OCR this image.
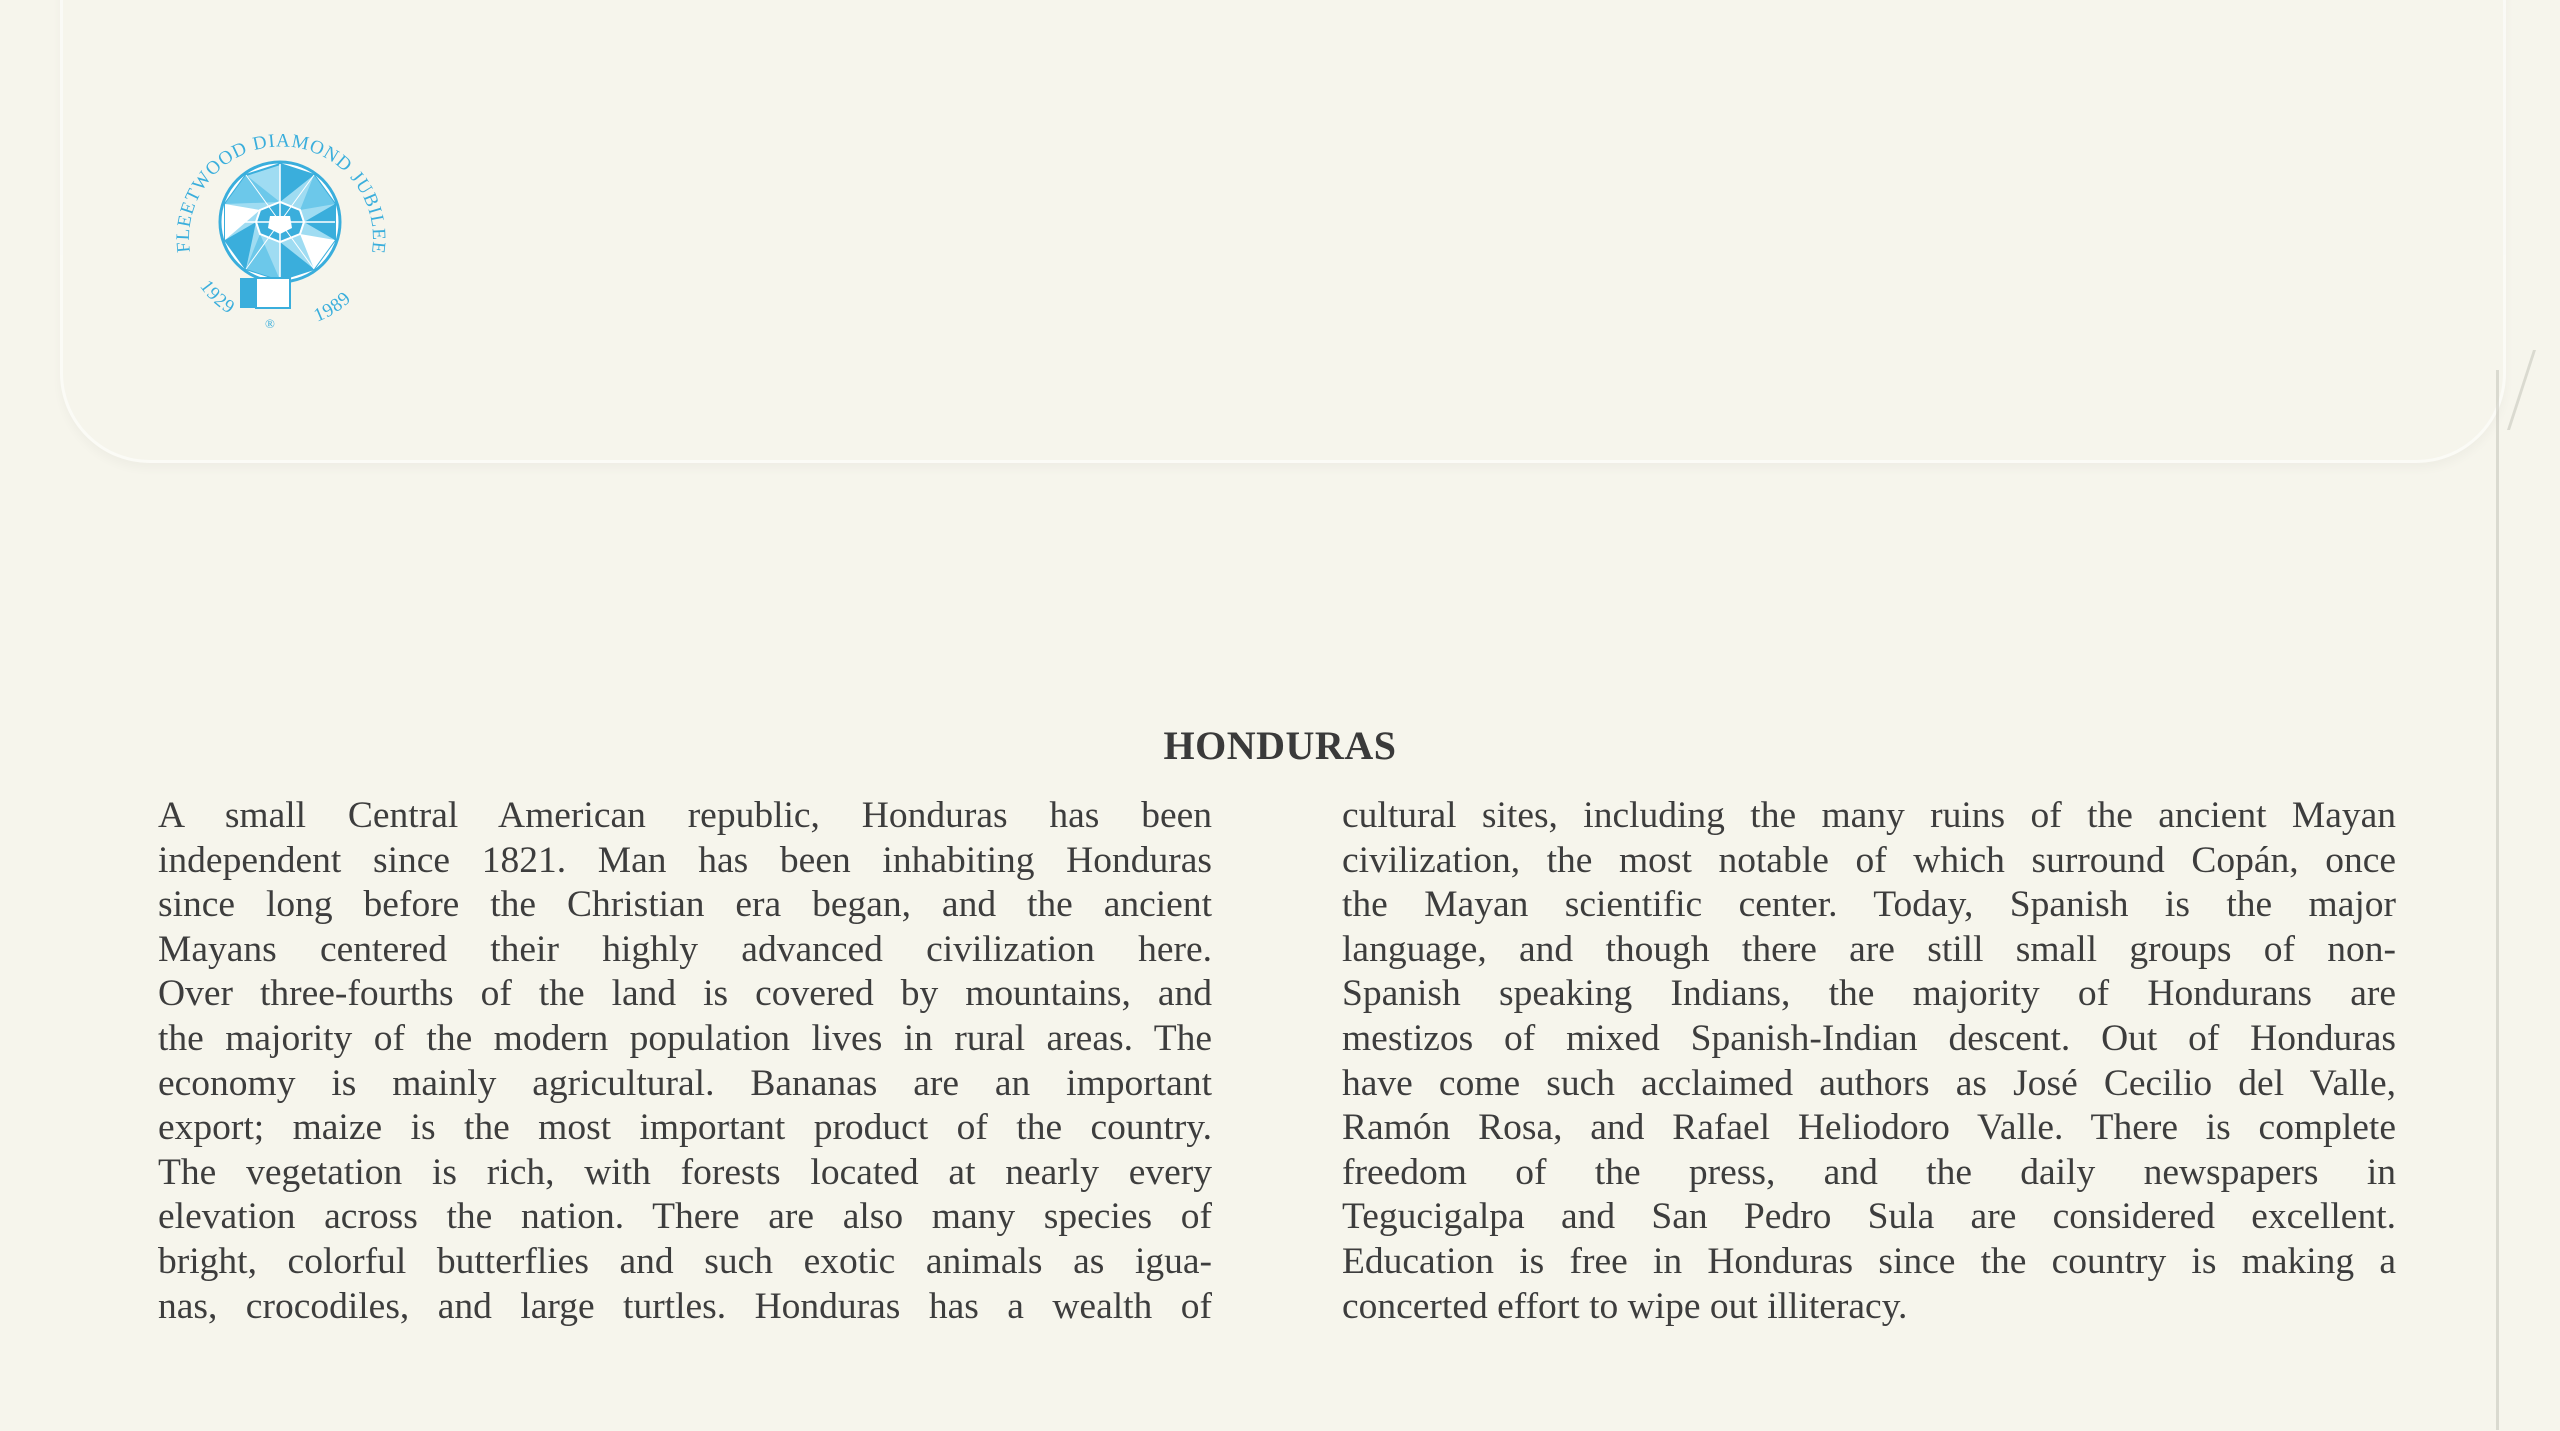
FLEETWOOD DIAMOND JUBILEE
1929	1989
®
HONDURAS
A small Central American republic, Honduras has been
independent since 1821. Man has been inhabiting Honduras
since long before the Christian era began, and the ancient
Mayans centered their highly advanced civilization here.
Over three-fourths of the land is covered by mountains, and
the majority of the modern population lives in rural areas. The
economy is mainly agricultural. Bananas are an important
export; maize is the most important product of the country.
The vegetation is rich, with forests located at nearly every
elevation across the nation. There are also many species of
bright, colorful butterflies and such exotic animals as igua-
nas, crocodiles, and large turtles. Honduras has a wealth of
cultural sites, including the many ruins of the ancient Mayan
civilization, the most notable of which surround Copán, once
the Mayan scientific center. Today, Spanish is the major
language, and though there are still small groups of non-
Spanish speaking Indians, the majority of Hondurans are
mestizos of mixed Spanish-Indian descent. Out of Honduras
have come such acclaimed authors as José Cecilio del Valle,
Ramón Rosa, and Rafael Heliodoro Valle. There is complete
freedom of the press, and the daily newspapers in
Tegucigalpa and San Pedro Sula are considered excellent.
Education is free in Honduras since the country is making a
concerted effort to wipe out illiteracy.
